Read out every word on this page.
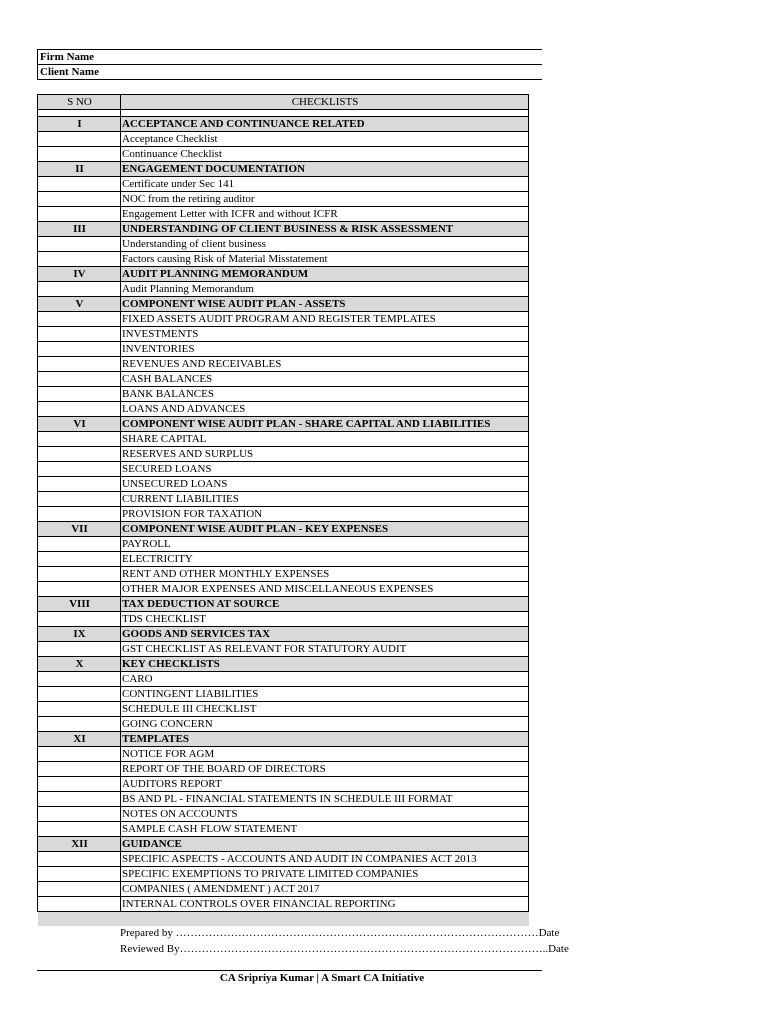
Firm Name
Client Name
S NO	CHECKLISTS

I	ACCEPTANCE AND CONTINUANCE RELATED
	Acceptance Checklist
	Continuance Checklist
II	ENGAGEMENT DOCUMENTATION
	Certificate under Sec 141
	NOC from the retiring auditor
	Engagement Letter with ICFR and without ICFR
III	UNDERSTANDING OF CLIENT BUSINESS & RISK ASSESSMENT
	Understanding of client business
	Factors causing Risk of Material Misstatement
IV	AUDIT PLANNING MEMORANDUM
	Audit Planning Memorandum
V	COMPONENT WISE AUDIT PLAN - ASSETS
	FIXED ASSETS AUDIT PROGRAM AND REGISTER TEMPLATES
	INVESTMENTS
	INVENTORIES
	REVENUES AND RECEIVABLES
	CASH BALANCES
	BANK BALANCES
	LOANS AND ADVANCES
VI	COMPONENT WISE AUDIT PLAN - SHARE CAPITAL AND LIABILITIES
	SHARE CAPITAL
	RESERVES AND SURPLUS
	SECURED LOANS
	UNSECURED LOANS
	CURRENT LIABILITIES
	PROVISION FOR TAXATION
VII	COMPONENT WISE AUDIT PLAN - KEY EXPENSES
	PAYROLL
	ELECTRICITY
	RENT AND OTHER MONTHLY EXPENSES
	OTHER MAJOR EXPENSES AND MISCELLANEOUS EXPENSES
VIII	TAX DEDUCTION AT SOURCE
	TDS CHECKLIST
IX	GOODS AND SERVICES TAX
	GST CHECKLIST AS RELEVANT FOR STATUTORY AUDIT
X	KEY CHECKLISTS
	CARO
	CONTINGENT LIABILITIES
	SCHEDULE III CHECKLIST
	GOING CONCERN
XI	TEMPLATES
	NOTICE FOR AGM
	REPORT OF THE BOARD OF DIRECTORS
	AUDITORS REPORT
	BS AND PL - FINANCIAL STATEMENTS IN SCHEDULE III FORMAT
	NOTES ON ACCOUNTS
	SAMPLE CASH FLOW STATEMENT
XII	GUIDANCE
	SPECIFIC ASPECTS - ACCOUNTS AND AUDIT IN COMPANIES ACT 2013
	SPECIFIC EXEMPTIONS TO PRIVATE LIMITED COMPANIES
	COMPANIES ( AMENDMENT ) ACT 2017
	INTERNAL CONTROLS OVER FINANCIAL REPORTING

Prepared by ………………………………………………………………………………………Date
Reviewed By………………………………………………………………………………………..Date
CA Sripriya Kumar | A Smart CA Initiative
